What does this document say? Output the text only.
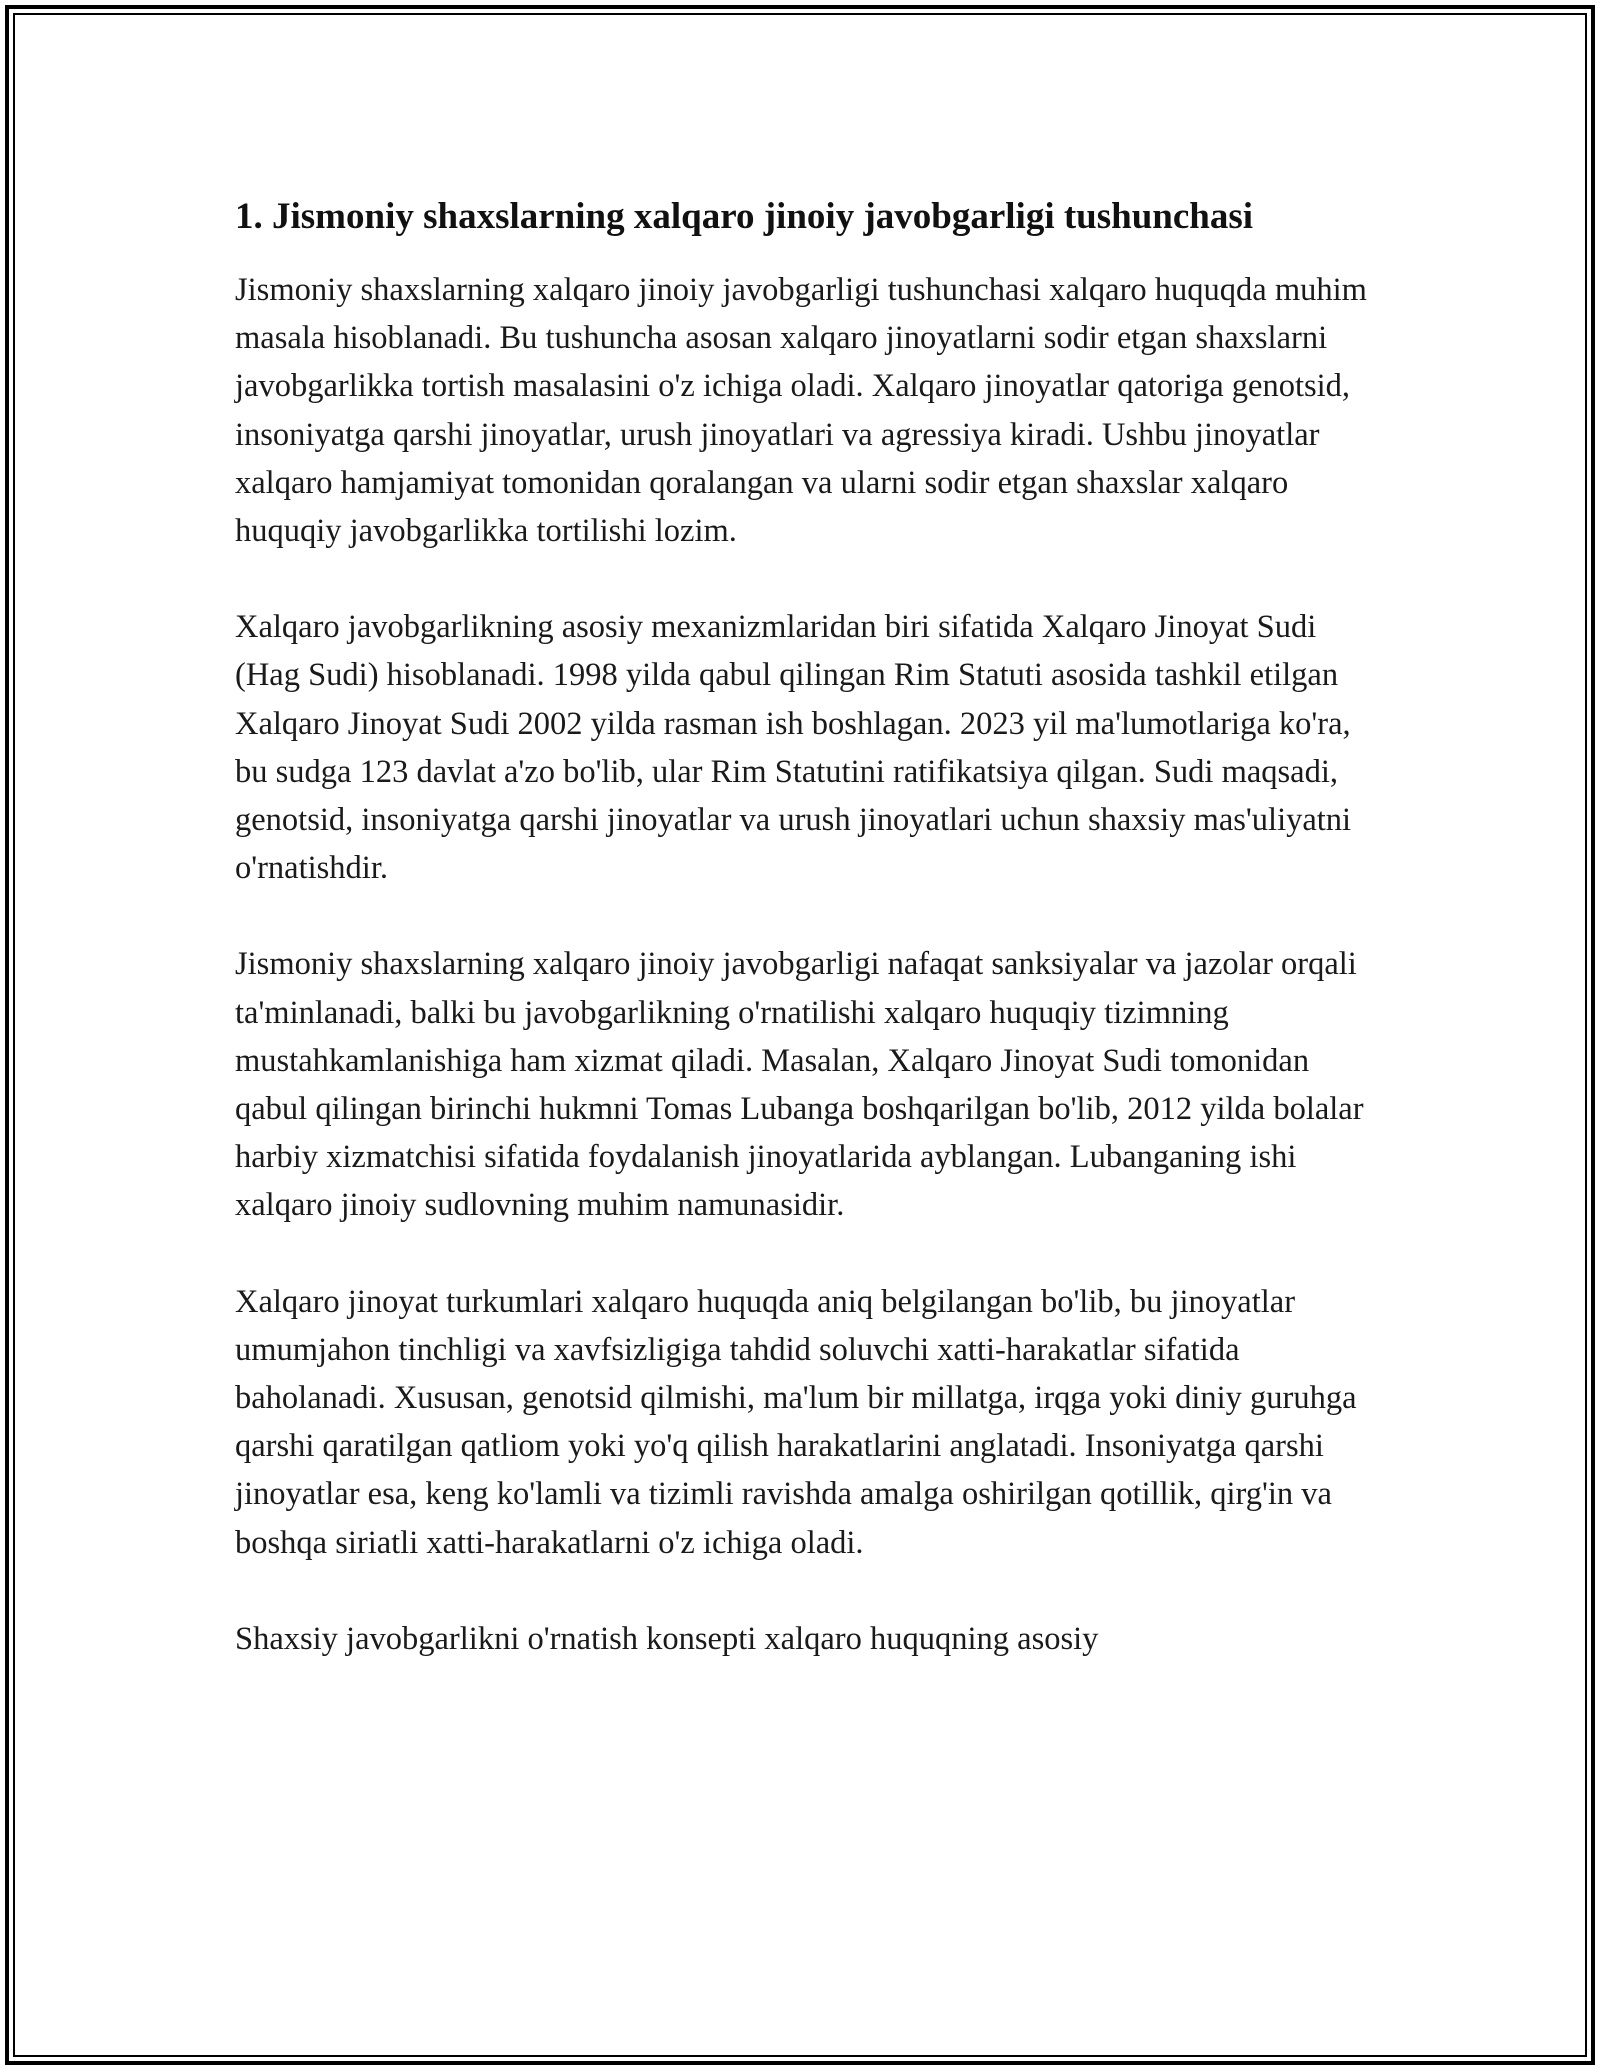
1. Jismoniy shaxslarning xalqaro jinoiy javobgarligi tushunchasi

Jismoniy shaxslarning xalqaro jinoiy javobgarligi tushunchasi xalqaro huquqda muhim masala hisoblanadi. Bu tushuncha asosan xalqaro jinoyatlarni sodir etgan shaxslarni javobgarlikka tortish masalasini o'z ichiga oladi. Xalqaro jinoyatlar qatoriga genotsid, insoniyatga qarshi jinoyatlar, urush jinoyatlari va agressiya kiradi. Ushbu jinoyatlar xalqaro hamjamiyat tomonidan qoralangan va ularni sodir etgan shaxslar xalqaro huquqiy javobgarlikka tortilishi lozim.

Xalqaro javobgarlikning asosiy mexanizmlaridan biri sifatida Xalqaro Jinoyat Sudi (Hag Sudi) hisoblanadi. 1998 yilda qabul qilingan Rim Statuti asosida tashkil etilgan Xalqaro Jinoyat Sudi 2002 yilda rasman ish boshlagan. 2023 yil ma'lumotlariga ko'ra, bu sudga 123 davlat a'zo bo'lib, ular Rim Statutini ratifikatsiya qilgan. Sudi maqsadi, genotsid, insoniyatga qarshi jinoyatlar va urush jinoyatlari uchun shaxsiy mas'uliyatni o'rnatishdir.

Jismoniy shaxslarning xalqaro jinoiy javobgarligi nafaqat sanksiyalar va jazolar orqali ta'minlanadi, balki bu javobgarlikning o'rnatilishi xalqaro huquqiy tizimning mustahkamlanishiga ham xizmat qiladi. Masalan, Xalqaro Jinoyat Sudi tomonidan qabul qilingan birinchi hukmni Tomas Lubanga boshqarilgan bo'lib, 2012 yilda bolalar harbiy xizmatchisi sifatida foydalanish jinoyatlarida ayblangan. Lubanganing ishi xalqaro jinoiy sudlovning muhim namunasidir.

Xalqaro jinoyat turkumlari xalqaro huquqda aniq belgilangan bo'lib, bu jinoyatlar umumjahon tinchligi va xavfsizligiga tahdid soluvchi xatti-harakatlar sifatida baholanadi. Xususan, genotsid qilmishi, ma'lum bir millatga, irqga yoki diniy guruhga qarshi qaratilgan qatliom yoki yo'q qilish harakatlarini anglatadi. Insoniyatga qarshi jinoyatlar esa, keng ko'lamli va tizimli ravishda amalga oshirilgan qotillik, qirg'in va boshqa siriatli xatti-harakatlarni o'z ichiga oladi.

Shaxsiy javobgarlikni o'rnatish konsepti xalqaro huquqning asosiy
